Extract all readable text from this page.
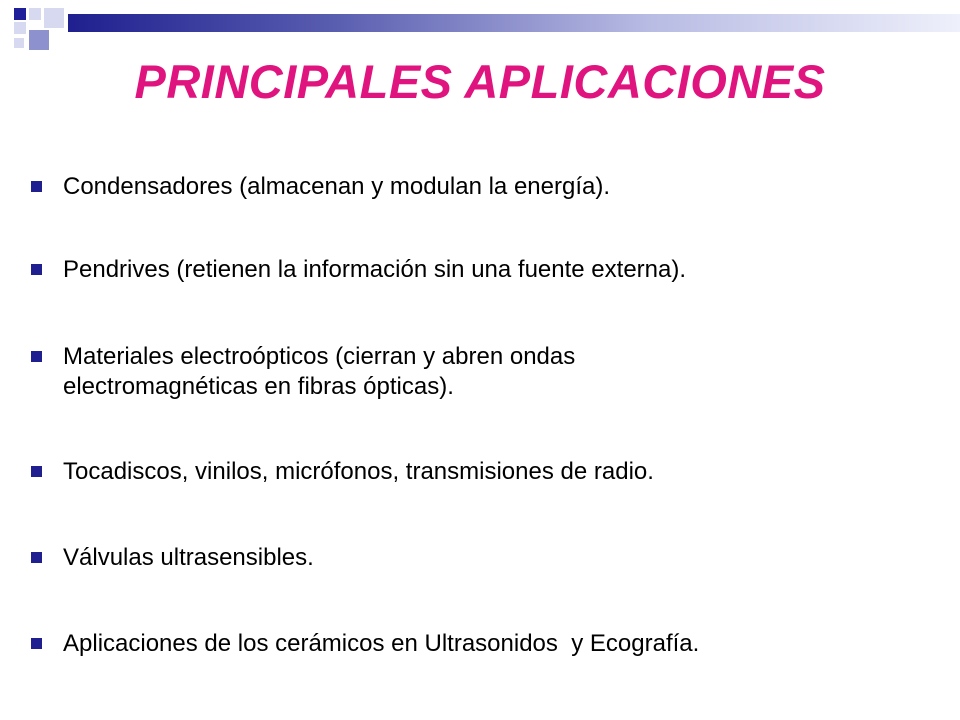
PRINCIPALES APLICACIONES
Condensadores (almacenan y modulan la energía).
Pendrives (retienen la información sin una fuente externa).
Materiales electroópticos (cierran y abren ondas
electromagnéticas en fibras ópticas).
Tocadiscos, vinilos, micrófonos, transmisiones de radio.
Válvulas ultrasensibles.
Aplicaciones de los cerámicos en Ultrasonidos  y Ecografía.
